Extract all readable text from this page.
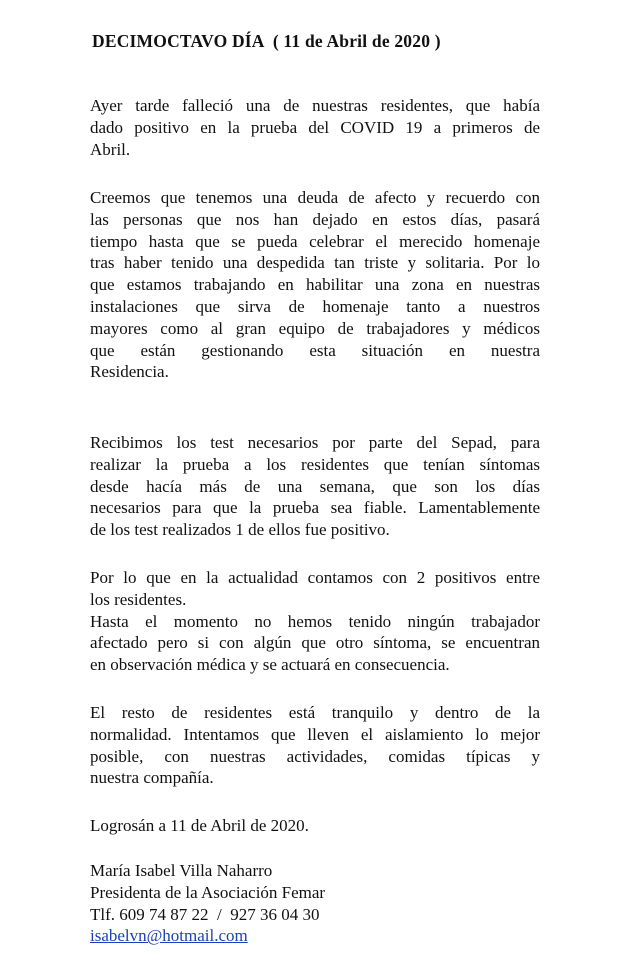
DECIMOCTAVO DÍA  ( 11 de Abril de 2020 )
Ayer tarde falleció una de nuestras residentes, que había
dado positivo en la prueba del COVID 19 a primeros de
Abril.
Creemos que tenemos una deuda de afecto y recuerdo con
las personas que nos han dejado en estos días, pasará
tiempo hasta que se pueda celebrar el merecido homenaje
tras haber tenido una despedida tan triste y solitaria. Por lo
que estamos trabajando en habilitar una zona en nuestras
instalaciones que sirva de homenaje tanto a nuestros
mayores como al gran equipo de trabajadores y médicos
que están gestionando esta situación en nuestra
Residencia.
Recibimos los test necesarios por parte del Sepad, para
realizar la prueba a los residentes que tenían síntomas
desde hacía más de una semana, que son los días
necesarios para que la prueba sea fiable. Lamentablemente
de los test realizados 1 de ellos fue positivo.
Por lo que en la actualidad contamos con 2 positivos entre
los residentes.
Hasta el momento no hemos tenido ningún trabajador
afectado pero si con algún que otro síntoma, se encuentran
en observación médica y se actuará en consecuencia.
El resto de residentes está tranquilo y dentro de la
normalidad. Intentamos que lleven el aislamiento lo mejor
posible, con nuestras actividades, comidas típicas y
nuestra compañía.
Logrosán a 11 de Abril de 2020.
María Isabel Villa Naharro
Presidenta de la Asociación Femar
Tlf. 609 74 87 22  /  927 36 04 30
isabelvn@hotmail.com
